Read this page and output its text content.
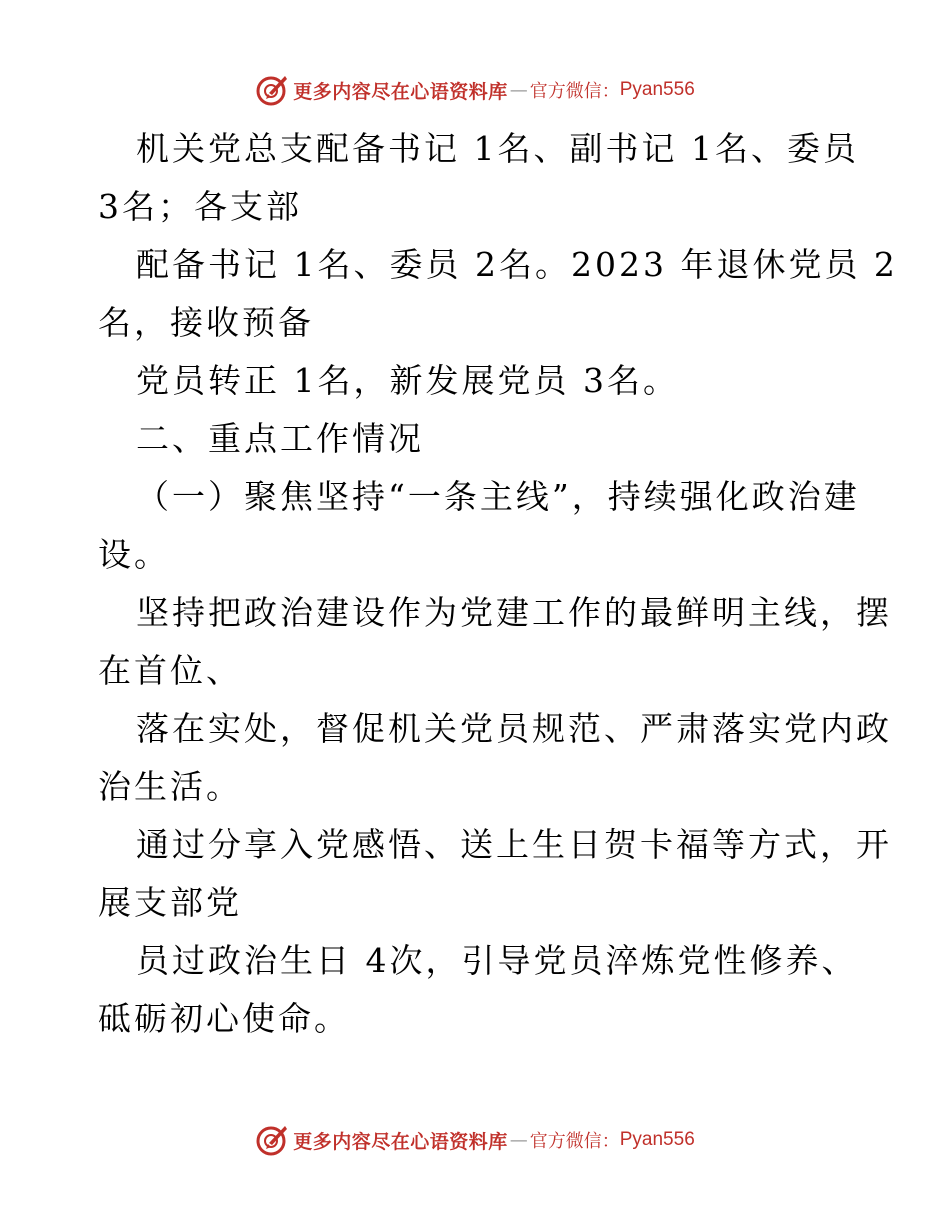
更多内容尽在心语资料库 — 官方微信： Pyan556

机关党总支配备书记 1名、副书记 1名、委员
3名；各支部

配备书记 1名、委员 2名。2023 年退休党员 2
名，接收预备

党员转正 1名，新发展党员 3名。

二、重点工作情况

（一）聚焦坚持“一条主线”，持续强化政治建
设。

坚持把政治建设作为党建工作的最鲜明主线，摆
在首位、

落在实处，督促机关党员规范、严肃落实党内政
治生活。

通过分享入党感悟、送上生日贺卡福等方式，开
展支部党

员过政治生日 4次，引导党员淬炼党性修养、
砥砺初心使命。

更多内容尽在心语资料库 — 官方微信： Pyan556
